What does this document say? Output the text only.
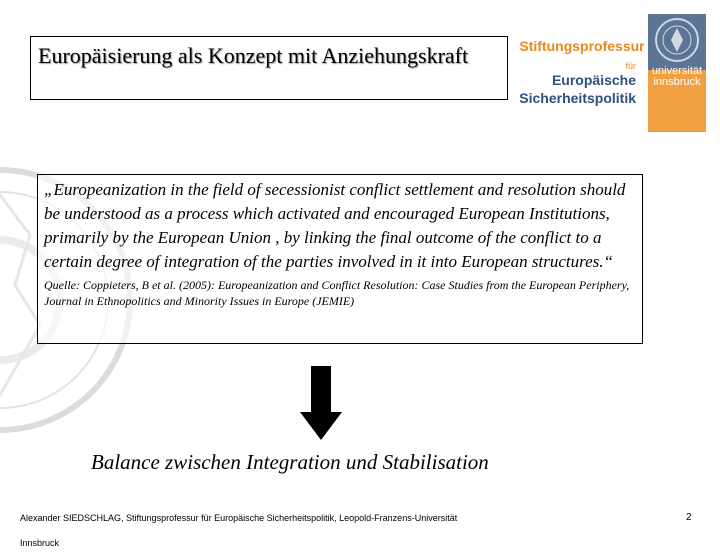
Europäisierung als Konzept mit Anziehungskraft	Stiftungsprofessur
für
Europäische
Sicherheitspolitik
universität innsbruck
„Europeanization in the field of secessionist conflict settlement and resolution should be understood as a process which activated and encouraged European Institutions, primarily by the European Union , by linking the final outcome of the conflict to a certain degree of integration of the parties involved in it into European structures.“
Quelle: Coppieters, B et al. (2005): Europeanization and Conflict Resolution: Case Studies from the European Periphery, Journal in Ethnopolitics and Minority Issues in Europe (JEMIE)
Balance zwischen Integration und Stabilisation
Alexander SIEDSCHLAG, Stiftungsprofessur für Europäische Sicherheitspolitik, Leopold-Franzens-Universität Innsbruck
2
